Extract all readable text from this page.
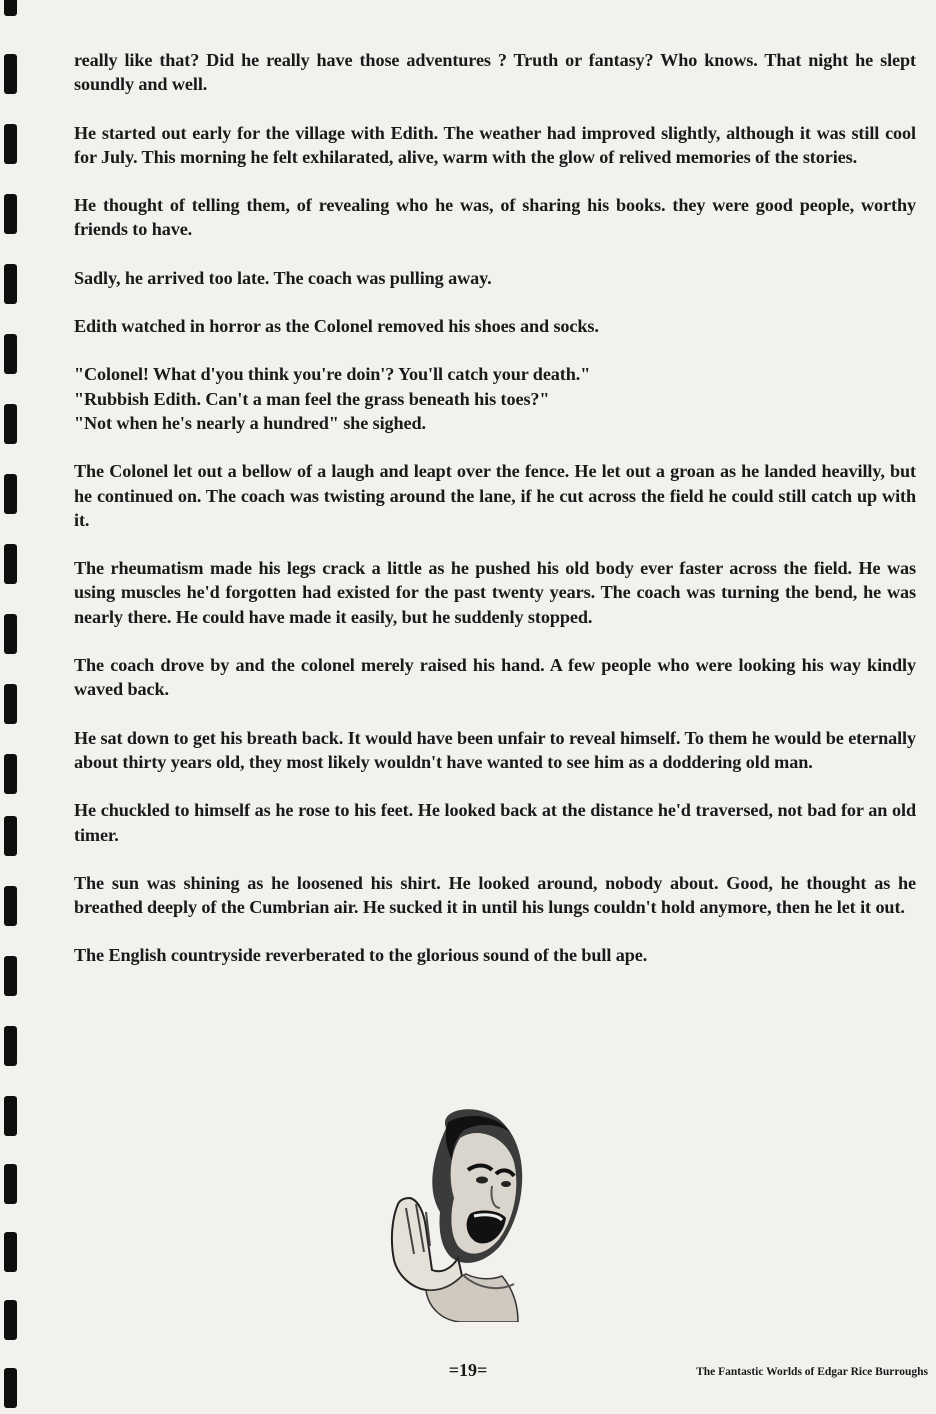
really like that? Did he really have those adventures ? Truth or fantasy? Who knows. That night he slept soundly and well.

He started out early for the village with Edith. The weather had improved slightly, although it was still cool for July. This morning he felt exhilarated, alive, warm with the glow of relived memories of the stories.

He thought of telling them, of revealing who he was, of sharing his books. they were good people, worthy friends to have.

Sadly, he arrived too late. The coach was pulling away.

Edith watched in horror as the Colonel removed his shoes and socks.

"Colonel! What d'you think you're doin'? You'll catch your death."
"Rubbish Edith. Can't a man feel the grass beneath his toes?"
"Not when he's nearly a hundred" she sighed.

The Colonel let out a bellow of a laugh and leapt over the fence. He let out a groan as he landed heavilly, but he continued on. The coach was twisting around the lane, if he cut across the field he could still catch up with it.

The rheumatism made his legs crack a little as he pushed his old body ever faster across the field. He was using muscles he'd forgotten had existed for the past twenty years. The coach was turning the bend, he was nearly there. He could have made it easily, but he suddenly stopped.

The coach drove by and the colonel merely raised his hand. A few people who were looking his way kindly waved back.

He sat down to get his breath back. It would have been unfair to reveal himself. To them he would be eternally about thirty years old, they most likely wouldn't have wanted to see him as a doddering old man.

He chuckled to himself as he rose to his feet. He looked back at the distance he'd traversed, not bad for an old timer.

The sun was shining as he loosened his shirt. He looked around, nobody about. Good, he thought as he breathed deeply of the Cumbrian air. He sucked it in until his lungs couldn't hold anymore, then he let it out.

The English countryside reverberated to the glorious sound of the bull ape.

=19=	The Fantastic Worlds of Edgar Rice Burroughs
